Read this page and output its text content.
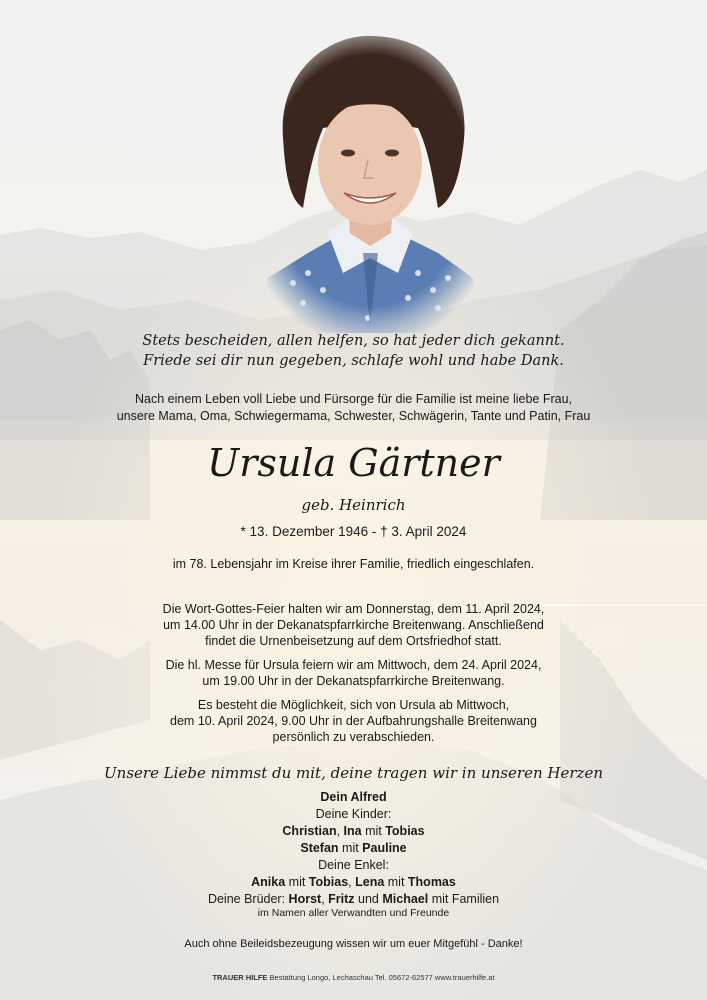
Stets bescheiden, allen helfen, so hat jeder dich gekannt.
Friede sei dir nun gegeben, schlafe wohl und habe Dank.
Nach einem Leben voll Liebe und Fürsorge für die Familie ist meine liebe Frau,
unsere Mama, Oma, Schwiegermama, Schwester, Schwägerin, Tante und Patin, Frau
Ursula Gärtner
geb. Heinrich
* 13. Dezember 1946 - † 3. April 2024
im 78. Lebensjahr im Kreise ihrer Familie, friedlich eingeschlafen.
Die Wort-Gottes-Feier halten wir am Donnerstag, dem 11. April 2024,
um 14.00 Uhr in der Dekanatspfarrkirche Breitenwang. Anschließend
findet die Urnenbeisetzung auf dem Ortsfriedhof statt.
Die hl. Messe für Ursula feiern wir am Mittwoch, dem 24. April 2024,
um 19.00 Uhr in der Dekanatspfarrkirche Breitenwang.
Es besteht die Möglichkeit, sich von Ursula ab Mittwoch,
dem 10. April 2024, 9.00 Uhr in der Aufbahrungshalle Breitenwang
persönlich zu verabschieden.
Unsere Liebe nimmst du mit, deine tragen wir in unseren Herzen
Dein Alfred
Deine Kinder:
Christian, Ina mit Tobias
Stefan mit Pauline
Deine Enkel:
Anika mit Tobias, Lena mit Thomas
Deine Brüder: Horst, Fritz und Michael mit Familien
im Namen aller Verwandten und Freunde
Auch ohne Beileidsbezeugung wissen wir um euer Mitgefühl - Danke!
TRAUER HILFE Bestattung Longo, Lechaschau Tel. 05672-62577 www.trauerhilfe.at
